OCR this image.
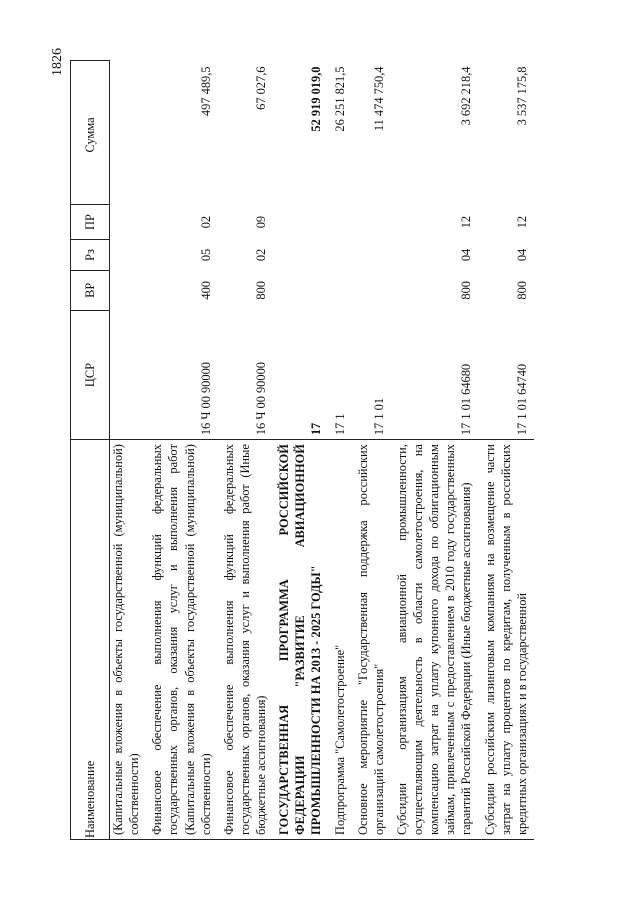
1826
Наименование	ЦСР	ВР	Рз	ПР	Сумма
(Капитальные вложения в объекты государственной (муниципальной) собственности)					
Финансовое обеспечение выполнения функций федеральных государственных органов, оказания услуг и выполнения работ (Капитальные вложения в объекты государственной (муниципальной) собственности)	16 Ч 00 90000	400	05	02	497 489,5
Финансовое обеспечение выполнения функций федеральных государственных органов, оказания услуг и выполнения работ (Иные бюджетные ассигнования)	16 Ч 00 90000	800	02	09	67 027,6
ГОСУДАРСТВЕННАЯ ПРОГРАММА РОССИЙСКОЙ ФЕДЕРАЦИИ "РАЗВИТИЕ АВИАЦИОННОЙ ПРОМЫШЛЕННОСТИ НА 2013 - 2025 ГОДЫ"	17				52 919 019,0
Подпрограмма "Самолетостроение"	17 1				26 251 821,5
Основное мероприятие "Государственная поддержка российских организаций самолетостроения"	17 1 01				11 474 750,4
Субсидии организациям авиационной промышленности, осуществляющим деятельность в области самолетостроения, на компенсацию затрат на уплату купонного дохода по облигационным займам, привлеченным с предоставлением в 2010 году государственных гарантий Российской Федерации (Иные бюджетные ассигнования)	17 1 01 64680	800	04	12	3 692 218,4
Субсидии российским лизинговым компаниям на возмещение части затрат на уплату процентов по кредитам, полученным в российских кредитных организациях и в государственной	17 1 01 64740	800	04	12	3 537 175,8
